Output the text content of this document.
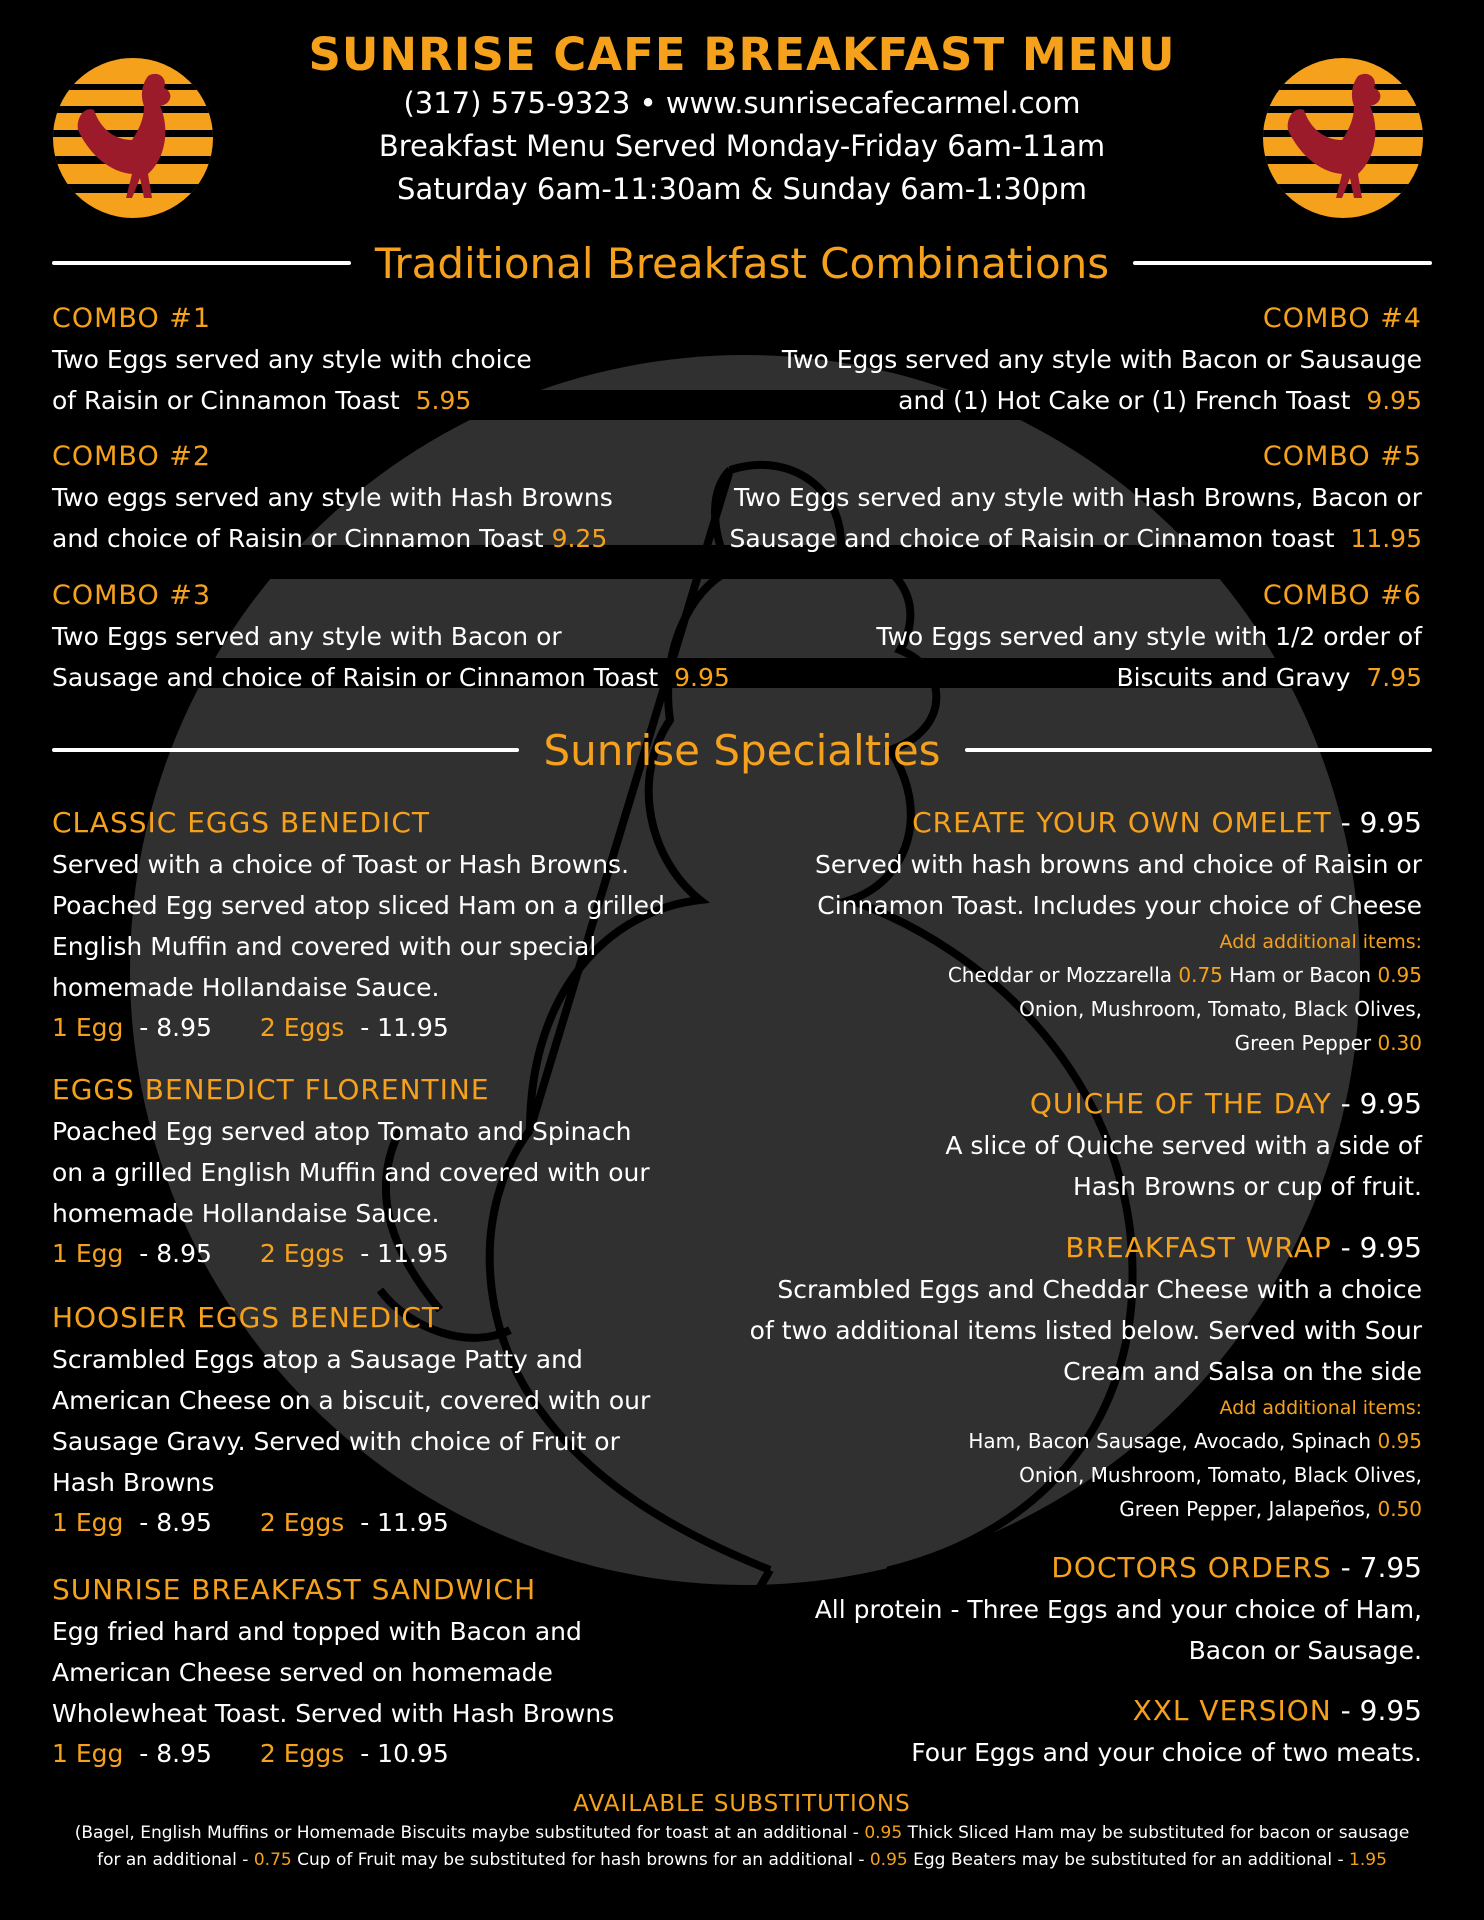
SUNRISE CAFE BREAKFAST MENU
(317) 575-9323 • www.sunrisecafecarmel.com
Breakfast Menu Served Monday-Friday 6am-11am
Saturday 6am-11:30am & Sunday 6am-1:30pm
Traditional Breakfast Combinations
COMBO #1
Two Eggs served any style with choice
of Raisin or Cinnamon Toast 5.95
COMBO #2
Two eggs served any style with Hash Browns
and choice of Raisin or Cinnamon Toast 9.25
COMBO #3
Two Eggs served any style with Bacon or
Sausage and choice of Raisin or Cinnamon Toast 9.95
COMBO #4
Two Eggs served any style with Bacon or Sausauge
and (1) Hot Cake or (1) French Toast 9.95
COMBO #5
Two Eggs served any style with Hash Browns, Bacon or
Sausage and choice of Raisin or Cinnamon toast 11.95
COMBO #6
Two Eggs served any style with 1/2 order of
Biscuits and Gravy 7.95
Sunrise Specialties
CLASSIC EGGS BENEDICT
Served with a choice of Toast or Hash Browns.
Poached Egg served atop sliced Ham on a grilled
English Muffin and covered with our special
homemade Hollandaise Sauce.
1 Egg - 8.95 2 Eggs - 11.95
EGGS BENEDICT FLORENTINE
Poached Egg served atop Tomato and Spinach
on a grilled English Muffin and covered with our
homemade Hollandaise Sauce.
1 Egg - 8.95 2 Eggs - 11.95
HOOSIER EGGS BENEDICT
Scrambled Eggs atop a Sausage Patty and
American Cheese on a biscuit, covered with our
Sausage Gravy. Served with choice of Fruit or
Hash Browns
1 Egg - 8.95 2 Eggs - 11.95
SUNRISE BREAKFAST SANDWICH
Egg fried hard and topped with Bacon and
American Cheese served on homemade
Wholewheat Toast. Served with Hash Browns
1 Egg - 8.95 2 Eggs - 10.95
CREATE YOUR OWN OMELET - 9.95
Served with hash browns and choice of Raisin or
Cinnamon Toast. Includes your choice of Cheese
Add additional items:
Cheddar or Mozzarella 0.75 Ham or Bacon 0.95
Onion, Mushroom, Tomato, Black Olives,
Green Pepper 0.30
QUICHE OF THE DAY - 9.95
A slice of Quiche served with a side of
Hash Browns or cup of fruit.
BREAKFAST WRAP - 9.95
Scrambled Eggs and Cheddar Cheese with a choice
of two additional items listed below. Served with Sour
Cream and Salsa on the side
Add additional items:
Ham, Bacon Sausage, Avocado, Spinach 0.95
Onion, Mushroom, Tomato, Black Olives,
Green Pepper, Jalapeños, 0.50
DOCTORS ORDERS - 7.95
All protein - Three Eggs and your choice of Ham,
Bacon or Sausage.
XXL VERSION - 9.95
Four Eggs and your choice of two meats.
AVAILABLE SUBSTITUTIONS
(Bagel, English Muffins or Homemade Biscuits maybe substituted for toast at an additional - 0.95 Thick Sliced Ham may be substituted for bacon or sausage
for an additional - 0.75 Cup of Fruit may be substituted for hash browns for an additional - 0.95 Egg Beaters may be substituted for an additional - 1.95
